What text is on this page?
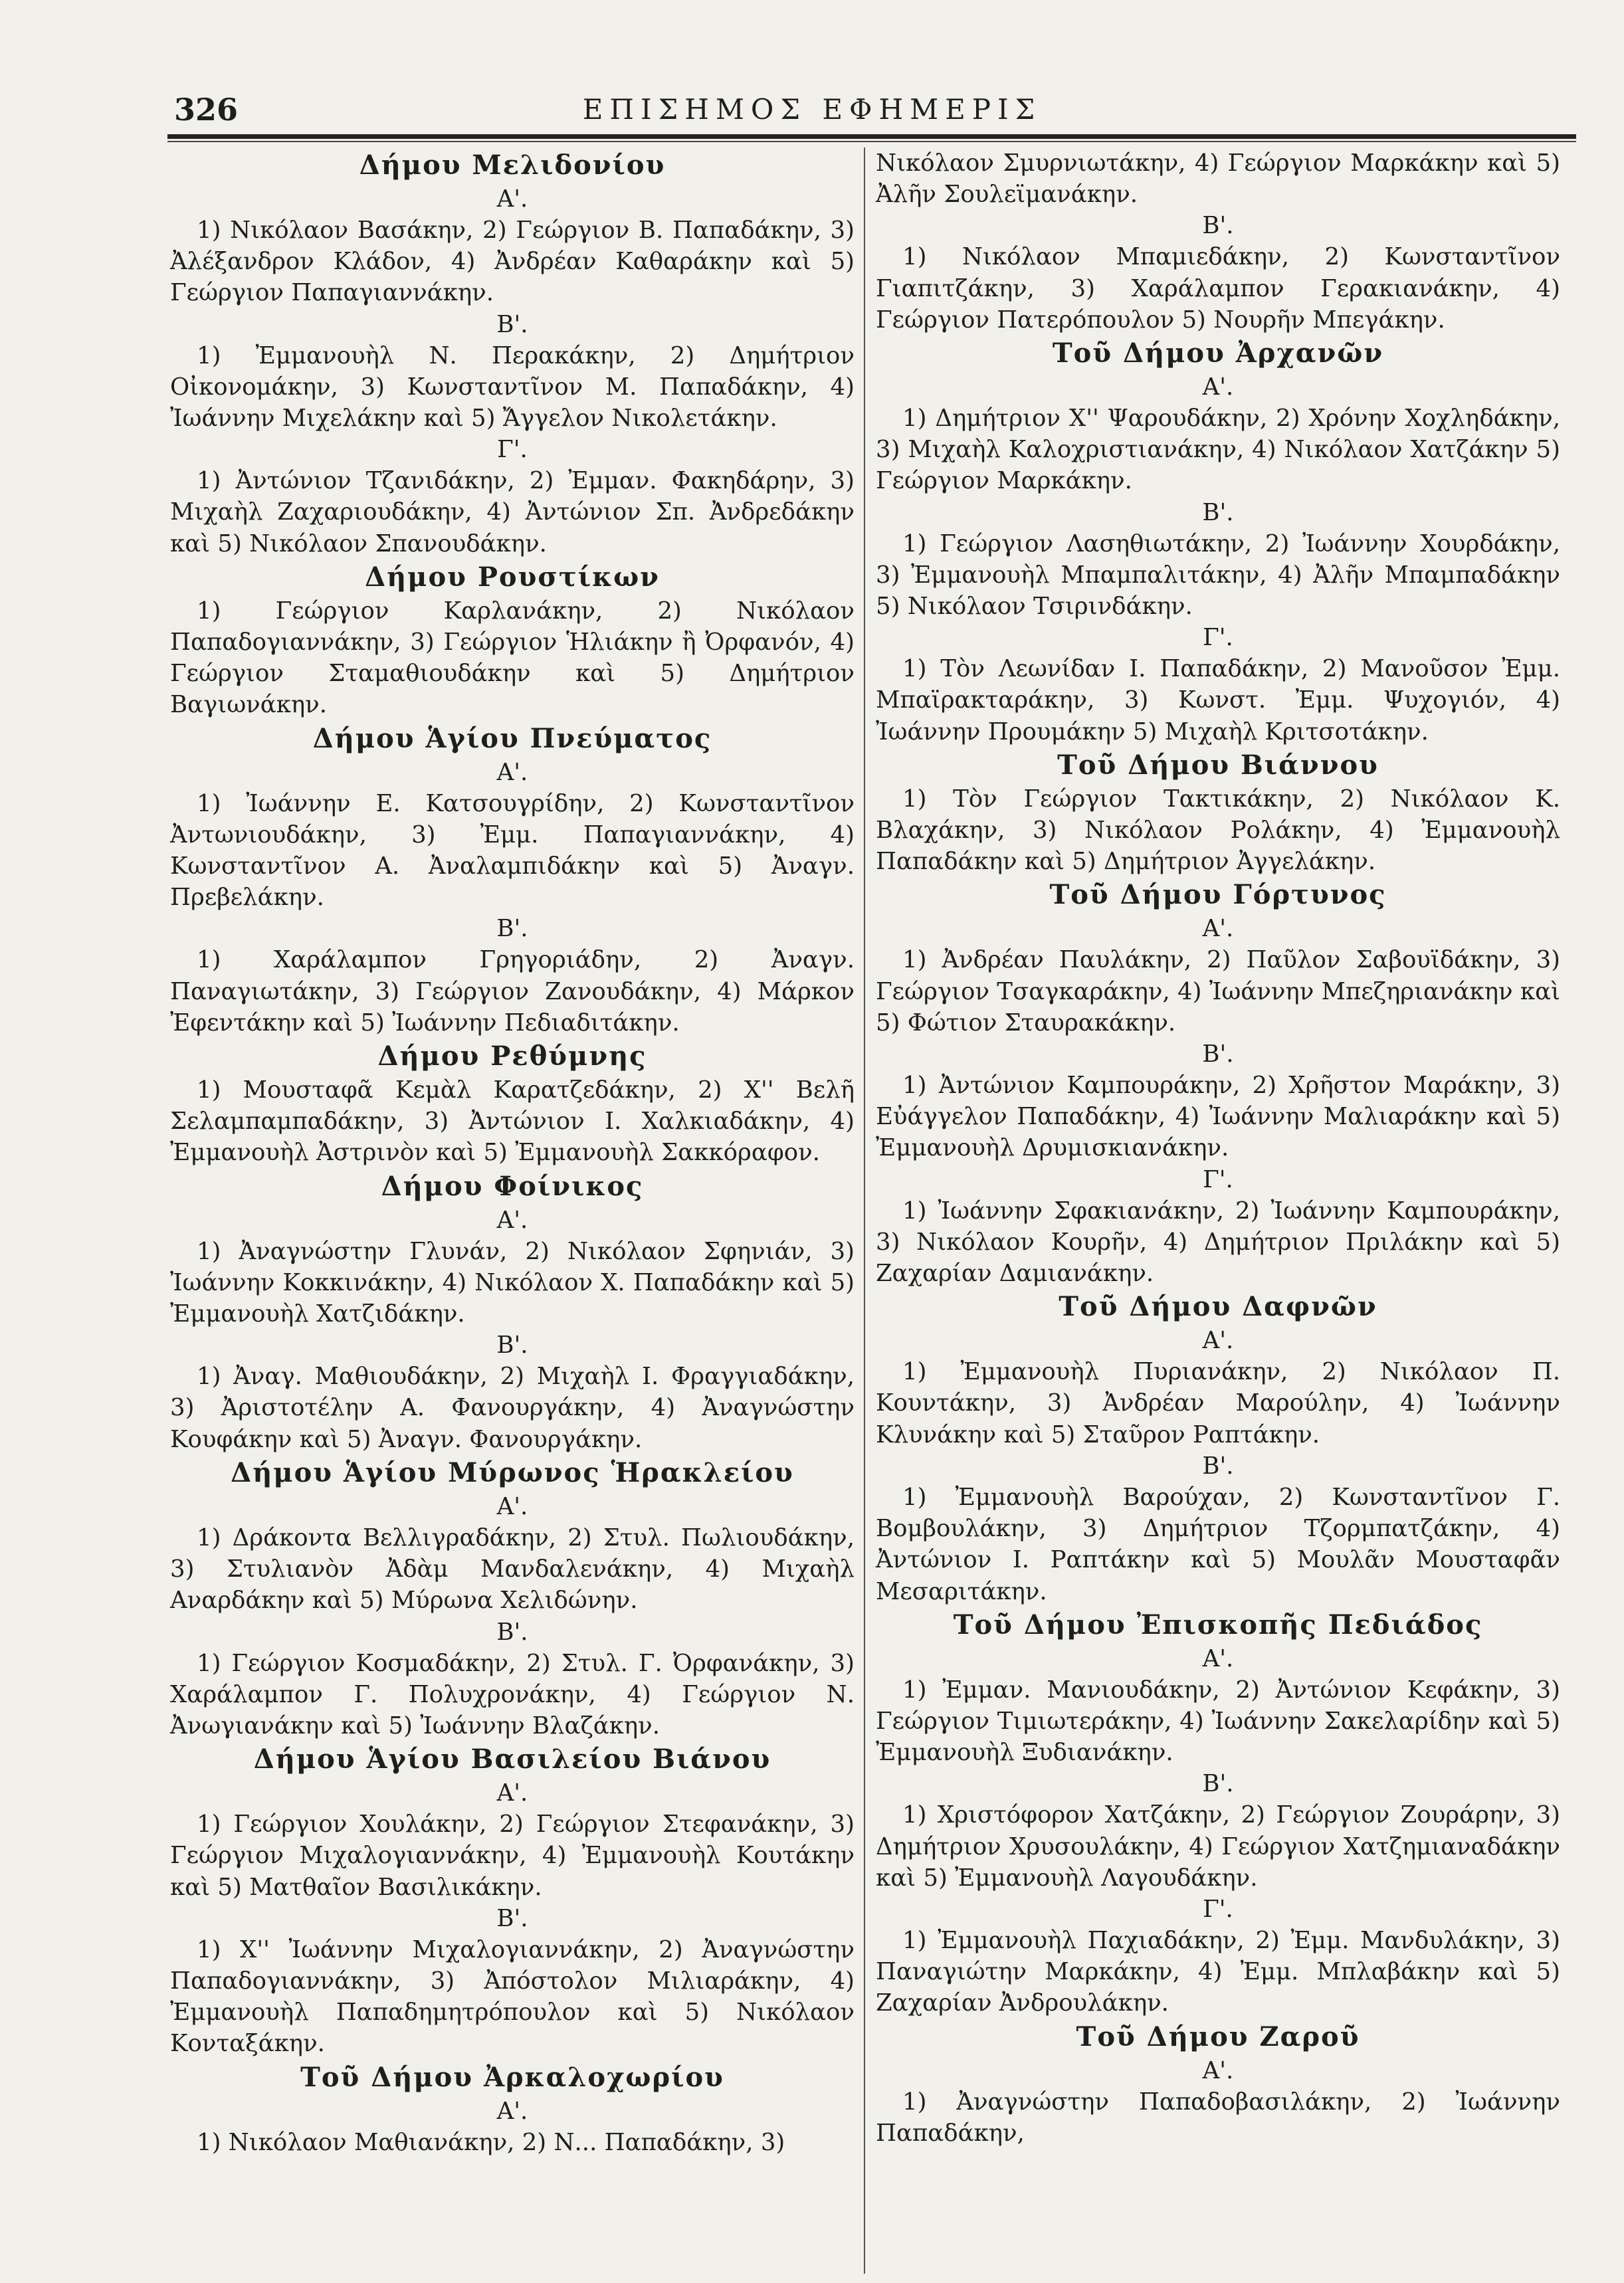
326	ΕΠΙΣΗΜΟΣ ΕΦΗΜΕΡΙΣ
Δήμου Μελιδονίου
Α'.
1) Νικόλαον Βασάκην, 2) Γεώργιον Β. Παπαδάκην, 3) Ἀλέξανδρον Κλάδον, 4) Ἀνδρέαν Καθαράκην καὶ 5) Γεώργιον Παπαγιαννάκην.
Β'.
1) Ἐμμανουὴλ Ν. Περακάκην, 2) Δημήτριον Οἰκονομάκην, 3) Κωνσταντῖνον Μ. Παπαδάκην, 4) Ἰωάννην Μιχελάκην καὶ 5) Ἄγγελον Νικολετάκην.
Γ'.
1) Ἀντώνιον Τζανιδάκην, 2) Ἐμμαν. Φακηδάρην, 3) Μιχαὴλ Ζαχαριουδάκην, 4) Ἀντώνιον Σπ. Ἀνδρεδάκην καὶ 5) Νικόλαον Σπανουδάκην.
Δήμου Ρουστίκων
1) Γεώργιον Καρλανάκην, 2) Νικόλαον Παπαδογιαννάκην, 3) Γεώργιον Ἡλιάκην ἢ Ὀρφανόν, 4) Γεώργιον Σταμαθιουδάκην καὶ 5) Δημήτριον Βαγιωνάκην.
Δήμου Ἁγίου Πνεύματος
Α'.
1) Ἰωάννην Ε. Κατσουγρίδην, 2) Κωνσταντῖνον Ἀντωνιουδάκην, 3) Ἐμμ. Παπαγιαννάκην, 4) Κωνσταντῖνον Α. Ἀναλαμπιδάκην καὶ 5) Ἀναγν. Πρεβελάκην.
Β'.
1) Χαράλαμπον Γρηγοριάδην, 2) Ἀναγν. Παναγιωτάκην, 3) Γεώργιον Ζανουδάκην, 4) Μάρκον Ἐφεντάκην καὶ 5) Ἰωάννην Πεδιαδιτάκην.
Δήμου Ρεθύμνης
1) Μουσταφᾶ Κεμὰλ Καρατζεδάκην, 2) Χ'' Βελῆ Σελαμπαμπαδάκην, 3) Ἀντώνιον Ι. Χαλκιαδάκην, 4) Ἐμμανουὴλ Ἀστρινὸν καὶ 5) Ἐμμανουὴλ Σακκόραφον.
Δήμου Φοίνικος
Α'.
1) Ἀναγνώστην Γλυνάν, 2) Νικόλαον Σφηνιάν, 3) Ἰωάννην Κοκκινάκην, 4) Νικόλαον Χ. Παπαδάκην καὶ 5) Ἐμμανουὴλ Χατζιδάκην.
Β'.
1) Ἀναγ. Μαθιουδάκην, 2) Μιχαὴλ Ι. Φραγγιαδάκην, 3) Ἀριστοτέλην Α. Φανουργάκην, 4) Ἀναγνώστην Κουφάκην καὶ 5) Ἀναγν. Φανουργάκην.
Δήμου Ἁγίου Μύρωνος Ἡρακλείου
Α'.
1) Δράκοντα Βελλιγραδάκην, 2) Στυλ. Πωλιουδάκην, 3) Στυλιανὸν Ἀδὰμ Μανδαλενάκην, 4) Μιχαὴλ Αναρδάκην καὶ 5) Μύρωνα Χελιδώνην.
Β'.
1) Γεώργιον Κοσμαδάκην, 2) Στυλ. Γ. Ὀρφανάκην, 3) Χαράλαμπον Γ. Πολυχρονάκην, 4) Γεώργιον Ν. Ἀνωγιανάκην καὶ 5) Ἰωάννην Βλαζάκην.
Δήμου Ἁγίου Βασιλείου Βιάνου
Α'.
1) Γεώργιον Χουλάκην, 2) Γεώργιον Στεφανάκην, 3) Γεώργιον Μιχαλογιαννάκην, 4) Ἐμμανουὴλ Κουτάκην καὶ 5) Ματθαῖον Βασιλικάκην.
Β'.
1) Χ'' Ἰωάννην Μιχαλογιαννάκην, 2) Ἀναγνώστην Παπαδογιαννάκην, 3) Ἀπόστολον Μιλιαράκην, 4) Ἐμμανουὴλ Παπαδημητρόπουλον καὶ 5) Νικόλαον Κονταξάκην.
Τοῦ Δήμου Ἀρκαλοχωρίου
Α'.
1) Νικόλαον Μαθιανάκην, 2) Ν... Παπαδάκην, 3)
Νικόλαον Σμυρνιωτάκην, 4) Γεώργιον Μαρκάκην καὶ 5) Ἀλῆν Σουλεϊμανάκην.
Β'.
1) Νικόλαον Μπαμιεδάκην, 2) Κωνσταντῖνον Γιαπιτζάκην, 3) Χαράλαμπον Γερακιανάκην, 4) Γεώργιον Πατερόπουλον 5) Νουρῆν Μπεγάκην.
Τοῦ Δήμου Ἀρχανῶν
Α'.
1) Δημήτριον Χ'' Ψαρουδάκην, 2) Χρόνην Χοχληδάκην, 3) Μιχαὴλ Καλοχριστιανάκην, 4) Νικόλαον Χατζάκην 5) Γεώργιον Μαρκάκην.
Β'.
1) Γεώργιον Λασηθιωτάκην, 2) Ἰωάννην Χουρδάκην, 3) Ἐμμανουὴλ Μπαμπαλιτάκην, 4) Ἀλῆν Μπαμπαδάκην 5) Νικόλαον Τσιρινδάκην.
Γ'.
1) Τὸν Λεωνίδαν Ι. Παπαδάκην, 2) Μανοῦσον Ἐμμ. Μπαϊρακταράκην, 3) Κωνστ. Ἐμμ. Ψυχογιόν, 4) Ἰωάννην Προυμάκην 5) Μιχαὴλ Κριτσοτάκην.
Τοῦ Δήμου Βιάννου
1) Τὸν Γεώργιον Τακτικάκην, 2) Νικόλαον Κ. Βλαχάκην, 3) Νικόλαον Ρολάκην, 4) Ἐμμανουὴλ Παπαδάκην καὶ 5) Δημήτριον Ἀγγελάκην.
Τοῦ Δήμου Γόρτυνος
Α'.
1) Ἀνδρέαν Παυλάκην, 2) Παῦλον Σαβουϊδάκην, 3) Γεώργιον Τσαγκαράκην, 4) Ἰωάννην Μπεζηριανάκην καὶ 5) Φώτιον Σταυρακάκην.
Β'.
1) Ἀντώνιον Καμπουράκην, 2) Χρῆστον Μαράκην, 3) Εὐάγγελον Παπαδάκην, 4) Ἰωάννην Μαλιαράκην καὶ 5) Ἐμμανουὴλ Δρυμισκιανάκην.
Γ'.
1) Ἰωάννην Σφακιανάκην, 2) Ἰωάννην Καμπουράκην, 3) Νικόλαον Κουρῆν, 4) Δημήτριον Πριλάκην καὶ 5) Ζαχαρίαν Δαμιανάκην.
Τοῦ Δήμου Δαφνῶν
Α'.
1) Ἐμμανουὴλ Πυριανάκην, 2) Νικόλαον Π. Κουντάκην, 3) Ἀνδρέαν Μαρούλην, 4) Ἰωάννην Κλυνάκην καὶ 5) Σταῦρον Ραπτάκην.
Β'.
1) Ἐμμανουὴλ Βαρούχαν, 2) Κωνσταντῖνον Γ. Βομβουλάκην, 3) Δημήτριον Τζορμπατζάκην, 4) Ἀντώνιον Ι. Ραπτάκην καὶ 5) Μουλᾶν Μουσταφᾶν Μεσαριτάκην.
Τοῦ Δήμου Ἐπισκοπῆς Πεδιάδος
Α'.
1) Ἐμμαν. Μανιουδάκην, 2) Ἀντώνιον Κεφάκην, 3) Γεώργιον Τιμιωτεράκην, 4) Ἰωάννην Σακελαρίδην καὶ 5) Ἐμμανουὴλ Ξυδιανάκην.
Β'.
1) Χριστόφορον Χατζάκην, 2) Γεώργιον Ζουράρην, 3) Δημήτριον Χρυσουλάκην, 4) Γεώργιον Χατζημιαναδάκην καὶ 5) Ἐμμανουὴλ Λαγουδάκην.
Γ'.
1) Ἐμμανουὴλ Παχιαδάκην, 2) Ἐμμ. Μανδυλάκην, 3) Παναγιώτην Μαρκάκην, 4) Ἐμμ. Μπλαβάκην καὶ 5) Ζαχαρίαν Ἀνδρουλάκην.
Τοῦ Δήμου Ζαροῦ
Α'.
1) Ἀναγνώστην Παπαδοβασιλάκην, 2) Ἰωάννην Παπαδάκην,
